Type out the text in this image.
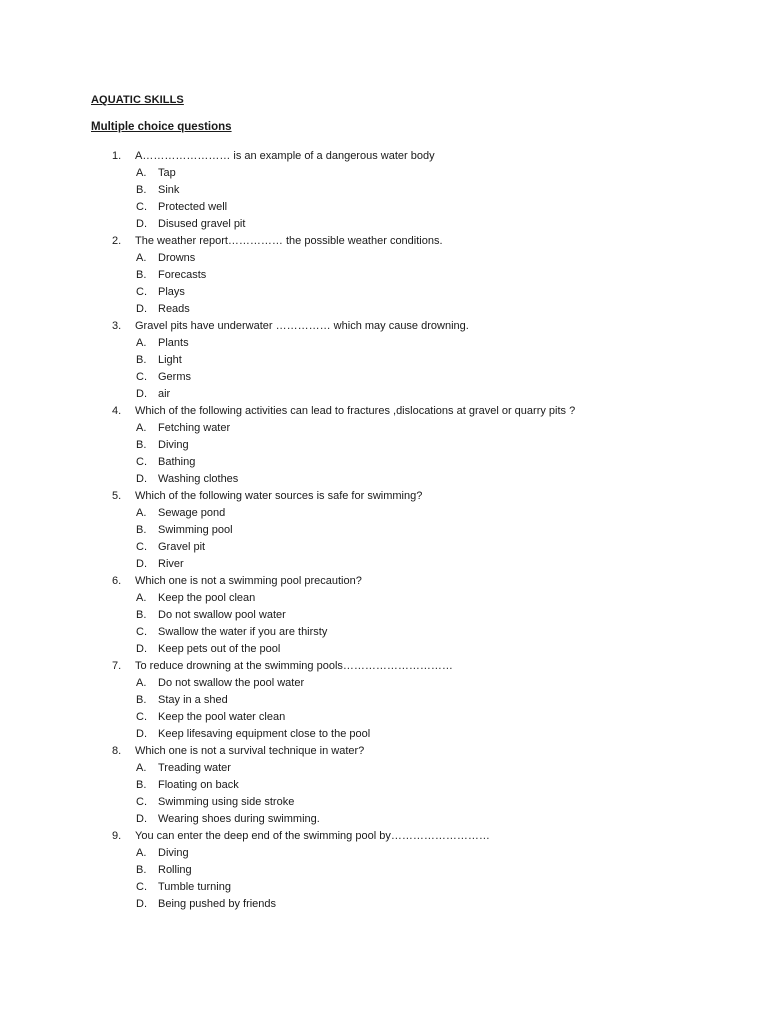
AQUATIC SKILLS
Multiple choice questions
1. A…………………… is an example of a dangerous water body
A. Tap
B. Sink
C. Protected well
D. Disused gravel pit
2. The weather report…………… the possible weather conditions.
A. Drowns
B. Forecasts
C. Plays
D. Reads
3. Gravel pits have underwater …………… which may cause drowning.
A. Plants
B. Light
C. Germs
D. air
4. Which of the following activities can lead to fractures ,dislocations at gravel or quarry pits ?
A. Fetching water
B. Diving
C. Bathing
D. Washing clothes
5. Which of the following water sources is safe for swimming?
A. Sewage pond
B. Swimming pool
C. Gravel pit
D. River
6. Which one is not a swimming pool precaution?
A. Keep the pool clean
B. Do not swallow pool water
C. Swallow the water if you are thirsty
D. Keep pets out of the pool
7. To reduce drowning at the swimming pools…………………………
A. Do not swallow the pool water
B. Stay in a shed
C. Keep the pool water clean
D. Keep lifesaving equipment close to the pool
8. Which one is not a survival technique in water?
A. Treading water
B. Floating on back
C. Swimming using side stroke
D. Wearing shoes during swimming.
9. You can enter the deep end of the swimming pool by………………………
A. Diving
B. Rolling
C. Tumble turning
D. Being pushed by friends
